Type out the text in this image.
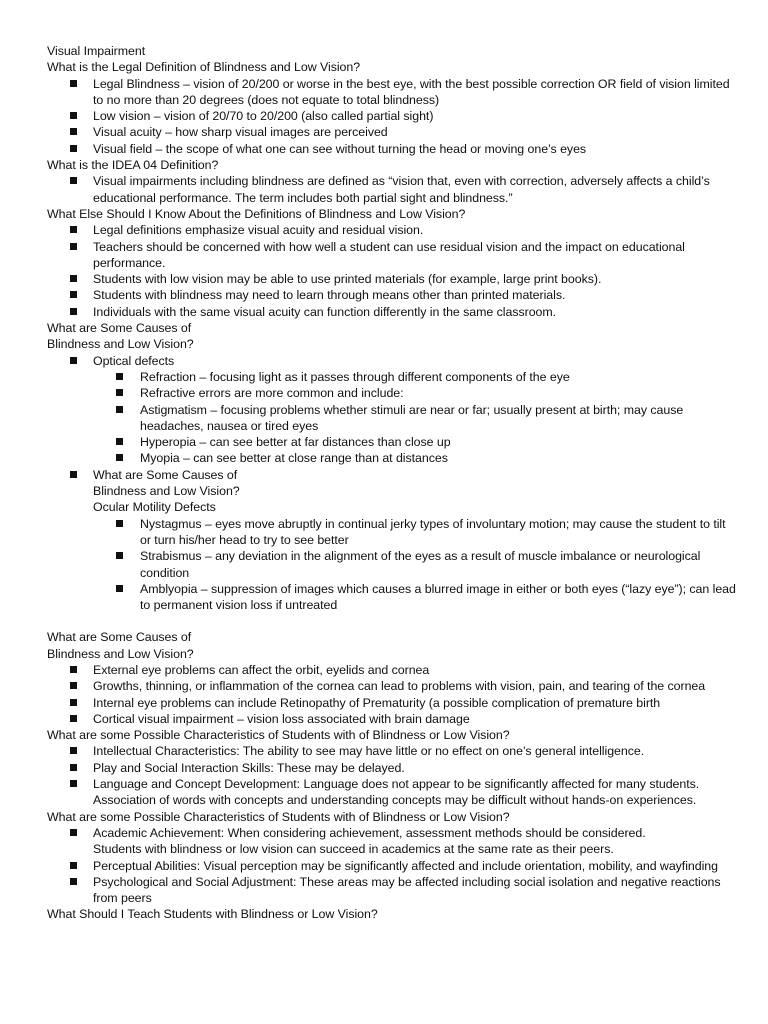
Visual Impairment
What is the Legal Definition of Blindness and Low Vision?
Legal Blindness – vision of 20/200 or worse in the best eye, with the best possible correction OR field of vision limited to no more than 20 degrees (does not equate to total blindness)
Low vision – vision of 20/70 to 20/200 (also called partial sight)
Visual acuity – how sharp visual images are perceived
Visual field – the scope of what one can see without turning the head or moving one’s eyes
What is the IDEA 04 Definition?
Visual impairments including blindness are defined as “vision that, even with correction, adversely affects a child’s educational performance. The term includes both partial sight and blindness.”
What Else Should I Know About the Definitions of Blindness and Low Vision?
Legal definitions emphasize visual acuity and residual vision.
Teachers should be concerned with how well a student can use residual vision and the impact on educational performance.
Students with low vision may be able to use printed materials (for example, large print books).
Students with blindness may need to learn through means other than printed materials.
Individuals with the same visual acuity can function differently in the same classroom.
What are Some Causes of
Blindness and Low Vision?
Optical defects
Refraction – focusing light as it passes through different components of the eye
Refractive errors are more common and include:
Astigmatism – focusing problems whether stimuli are near or far; usually present at birth; may cause headaches, nausea or tired eyes
Hyperopia – can see better at far distances than close up
Myopia – can see better at close range than at distances
What are Some Causes of
Blindness and Low Vision?
Ocular Motility Defects
Nystagmus – eyes move abruptly in continual jerky types of involuntary motion; may cause the student to tilt or turn his/her head to try to see better
Strabismus – any deviation in the alignment of the eyes as a result of muscle imbalance or neurological condition
Amblyopia – suppression of images which causes a blurred image in either or both eyes (“lazy eye”); can lead to permanent vision loss if untreated
What are Some Causes of
Blindness and Low Vision?
External eye problems can affect the orbit, eyelids and cornea
Growths, thinning, or inflammation of the cornea can lead to problems with vision, pain, and tearing of the cornea
Internal eye problems can include Retinopathy of Prematurity (a possible complication of premature birth
Cortical visual impairment – vision loss associated with brain damage
What are some Possible Characteristics of Students with of Blindness or Low Vision?
Intellectual Characteristics: The ability to see may have little or no effect on one’s general intelligence.
Play and Social Interaction Skills: These may be delayed.
Language and Concept Development: Language does not appear to be significantly affected for many students. Association of words with concepts and understanding concepts may be difficult without hands-on experiences.
What are some Possible Characteristics of Students with of Blindness or Low Vision?
Academic Achievement: When considering achievement, assessment methods should be considered.
Students with blindness or low vision can succeed in academics at the same rate as their peers.
Perceptual Abilities: Visual perception may be significantly affected and include orientation, mobility, and wayfinding
Psychological and Social Adjustment: These areas may be affected including social isolation and negative reactions from peers
What Should I Teach Students with Blindness or Low Vision?
